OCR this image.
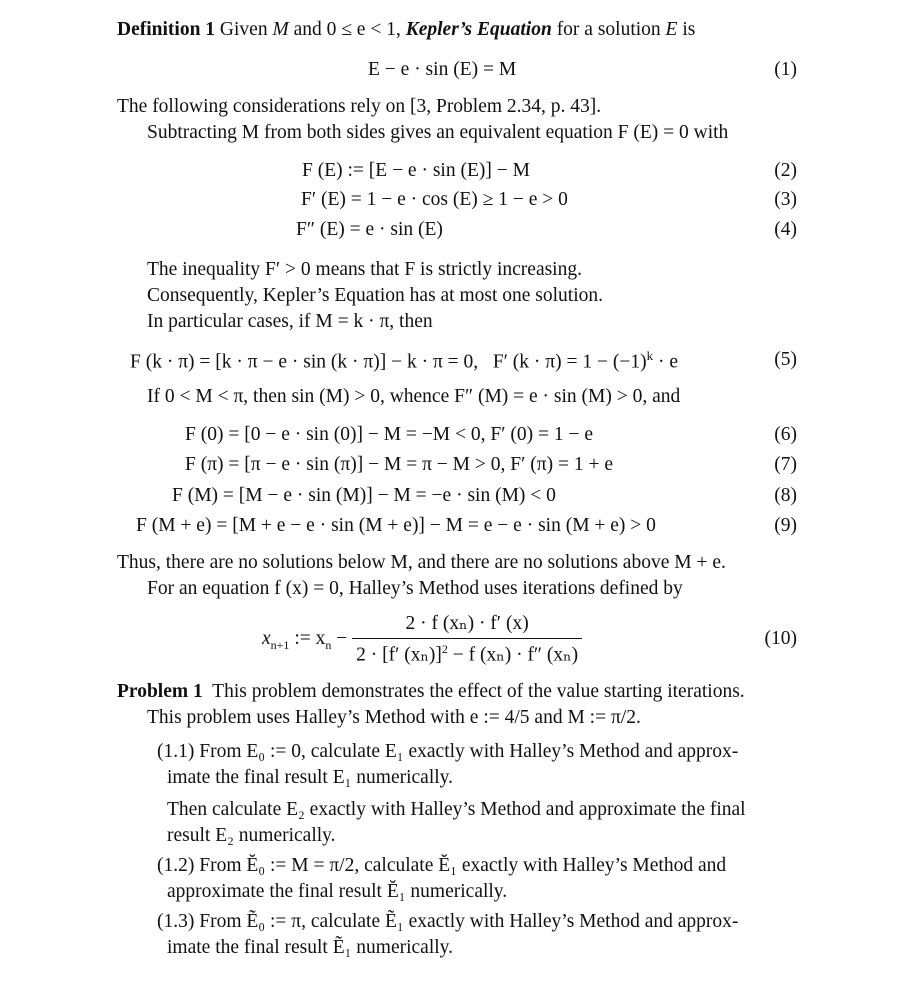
Definition 1 Given M and 0 ≤ e < 1, Kepler’s Equation for a solution E is
E − e · sin (E) = M	(1)
The following considerations rely on [3, Problem 2.34, p. 43].
Subtracting M from both sides gives an equivalent equation F (E) = 0 with
F (E) := [E − e · sin (E)] − M	(2)
F′ (E) = 1 − e · cos (E) ≥ 1 − e > 0	(3)
F″ (E) = e · sin (E)	(4)
The inequality F′ > 0 means that F is strictly increasing.
Consequently, Kepler’s Equation has at most one solution.
In particular cases, if M = k · π, then
F (k · π) = [k · π − e · sin (k · π)] − k · π = 0, F′ $(k \cdot \pi) = 1 - (-1)^k \cdot e$	(5)
If 0 < M < π, then sin (M) > 0, whence F″ (M) = e · sin (M) > 0, and
F (0) = [0 − e · sin (0)] − M = −M < 0, F′ (0) = 1 − e	(6)
F (π) = [π − e · sin (π)] − M = π − M > 0, F′ (π) = 1 + e	(7)
F (M) = [M − e · sin (M)] − M = −e · sin (M) < 0	(8)
F (M + e) = [M + e − e · sin (M + e)] − M = e − e · sin (M + e) > 0	(9)
Thus, there are no solutions below M, and there are no solutions above M + e.
For an equation f (x) = 0, Halley’s Method uses iterations defined by
$x_{n+1}$ := $x_n - \frac{\text{2 · f (xₙ) · f′ (x)}}{2 \cdot [f' (x_n)]^2 - f (x_n) \cdot f'' (x_n)}$	(10)
Problem 1 This problem demonstrates the effect of the value starting iterations.
This problem uses Halley’s Method with e := 4/5 and M := π/2.
(1.1) From E₀ := 0, calculate E₁ exactly with Halley’s Method and approx-
imate the final result E₁ numerically.
Then calculate E₂ exactly with Halley’s Method and approximate the final
result E₂ numerically.
(1.2) From Ĕ₀ := M = π/2, calculate Ĕ₁ exactly with Halley’s Method and
approximate the final result Ĕ₁ numerically.
(1.3) From Ẽ₀ := π, calculate Ẽ₁ exactly with Halley’s Method and approx-
imate the final result Ẽ₁ numerically.
